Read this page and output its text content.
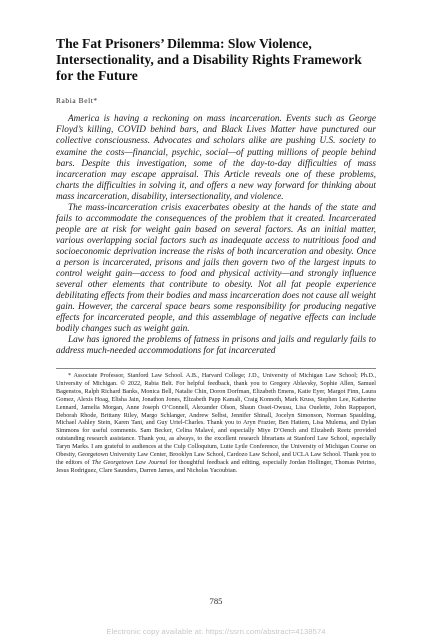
The Fat Prisoners’ Dilemma: Slow Violence, Intersectionality, and a Disability Rights Framework for the Future
Rabia Belt*

America is having a reckoning on mass incarceration. Events such as George Floyd’s killing, COVID behind bars, and Black Lives Matter have punctured our collective consciousness. Advocates and scholars alike are pushing U.S. society to examine the costs—financial, psychic, social—of putting millions of people behind bars. Despite this investigation, some of the day-to-day difficulties of mass incarceration may escape appraisal. This Article reveals one of these problems, charts the difficulties in solving it, and offers a new way forward for thinking about mass incarceration, disability, intersectionality, and violence.

The mass-incarceration crisis exacerbates obesity at the hands of the state and fails to accommodate the consequences of the problem that it created. Incarcerated people are at risk for weight gain based on several factors. As an initial matter, various overlapping social factors such as inadequate access to nutritious food and socioeconomic deprivation increase the risks of both incarceration and obesity. Once a person is incarcerated, prisons and jails then govern two of the largest inputs to control weight gain—access to food and physical activity—and strongly influence several other elements that contribute to obesity. Not all fat people experience debilitating effects from their bodies and mass incarceration does not cause all weight gain. However, the carceral space bears some responsibility for producing negative effects for incarcerated people, and this assemblage of negative effects can include bodily changes such as weight gain.

Law has ignored the problems of fatness in prisons and jails and regularly fails to address much-needed accommodations for fat incarcerated

* Associate Professor, Stanford Law School. A.B., Harvard College; J.D., University of Michigan Law School; Ph.D., University of Michigan. © 2022, Rabia Belt. For helpful feedback, thank you to Gregory Ablavsky, Sophie Allen, Samuel Bagenstos, Ralph Richard Banks, Monica Bell, Natalie Chin, Doron Dorfman, Elizabeth Emens, Katie Eyer, Margot Finn, Laura Gomez, Alexis Hoag, Elisha Jain, Jonathon Jones, Elizabeth Papp Kamali, Craig Konnoth, Mark Kruss, Stephen Lee, Katherine Lennard, Jamelia Morgan, Anne Joseph O’Connell, Alexander Olson, Shaun Ossei-Owusu, Lisa Ouelette, John Rappaport, Deborah Rhode, Brittany Riley, Margo Schlanger, Andrew Selbst, Jennifer Shinall, Jocelyn Simonson, Norman Spaulding, Michael Ashley Stein, Karen Tani, and Guy Uriel-Charles. Thank you to Aryn Frazier, Ben Hattem, Lisa Mulema, and Dylan Simmons for useful comments. Sam Becker, Celina Malavé, and especially Miye D’Oench and Elizabeth Reetz provided outstanding research assistance. Thank you, as always, to the excellent research librarians at Stanford Law School, especially Taryn Marks. I am grateful to audiences at the Culp Colloquium, Lutie Lytle Conference, the University of Michigan Course on Obesity, Georgetown University Law Center, Brooklyn Law School, Cardozo Law School, and UCLA Law School. Thank you to the editors of The Georgetown Law Journal for thoughtful feedback and editing, especially Jordan Hollinger, Thomas Petrino, Jesus Rodriguez, Clare Saunders, Darren James, and Nicholas Yacoubian.

785
Electronic copy available at: https://ssrn.com/abstract=4138574
